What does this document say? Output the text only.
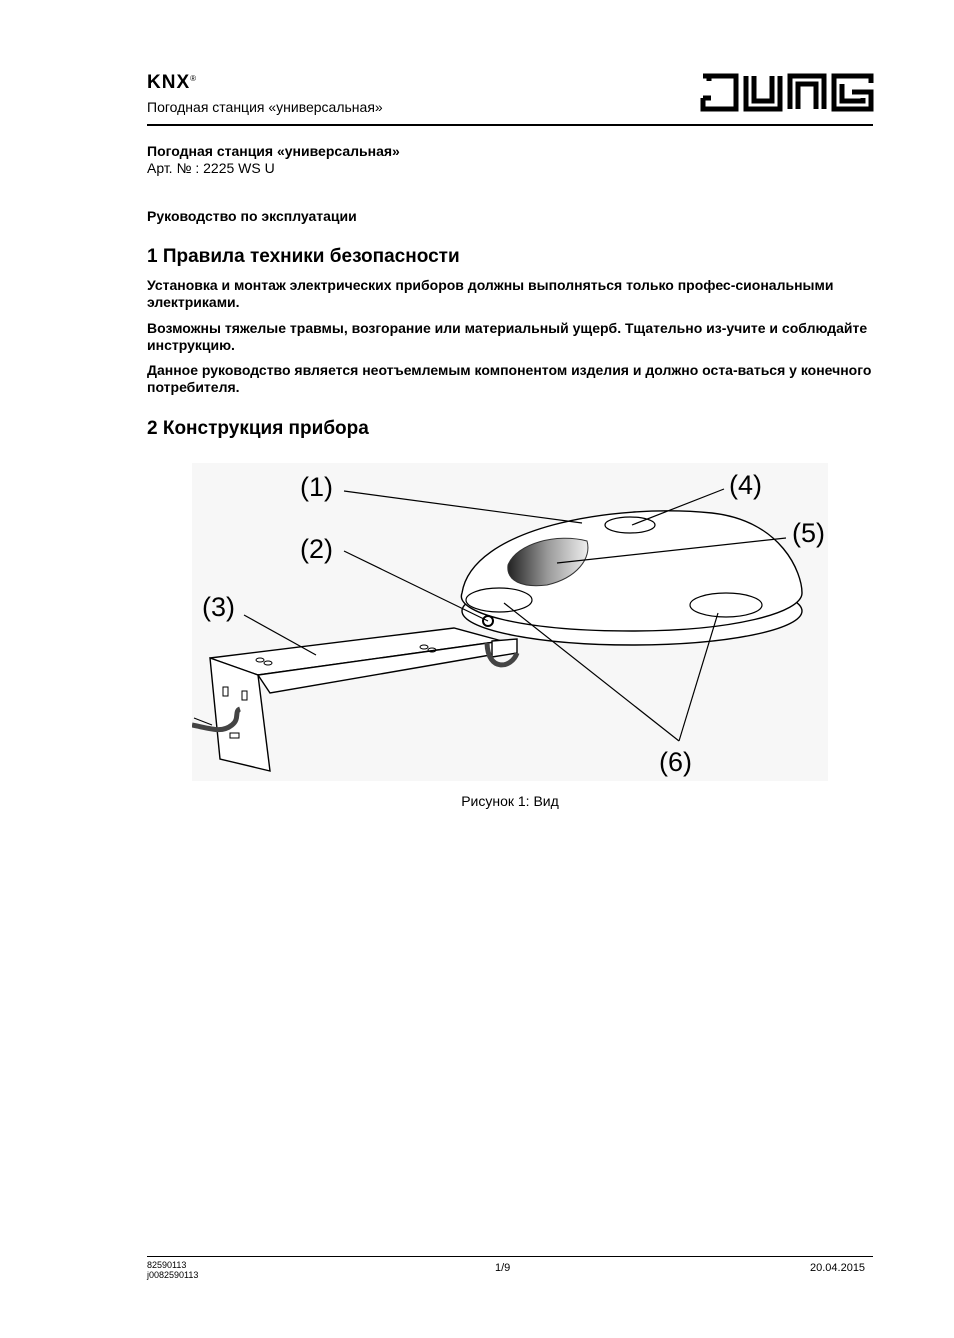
KNX®
Погодная станция «универсальная»
Погодная станция «универсальная»
Арт. № : 2225 WS U
Руководство по эксплуатации
1 Правила техники безопасности
Установка и монтаж электрических приборов должны выполняться только профес-сиональными электриками.
Возможны тяжелые травмы, возгорание или материальный ущерб. Тщательно из-учите и соблюдайте инструкцию.
Данное руководство является неотъемлемым компонентом изделия и должно оста-ваться у конечного потребителя.
2 Конструкция прибора
(1)
(2)
(3)
(4)
(5)
(6)
Рисунок 1: Вид
82590113
j0082590113
1/9	20.04.2015
